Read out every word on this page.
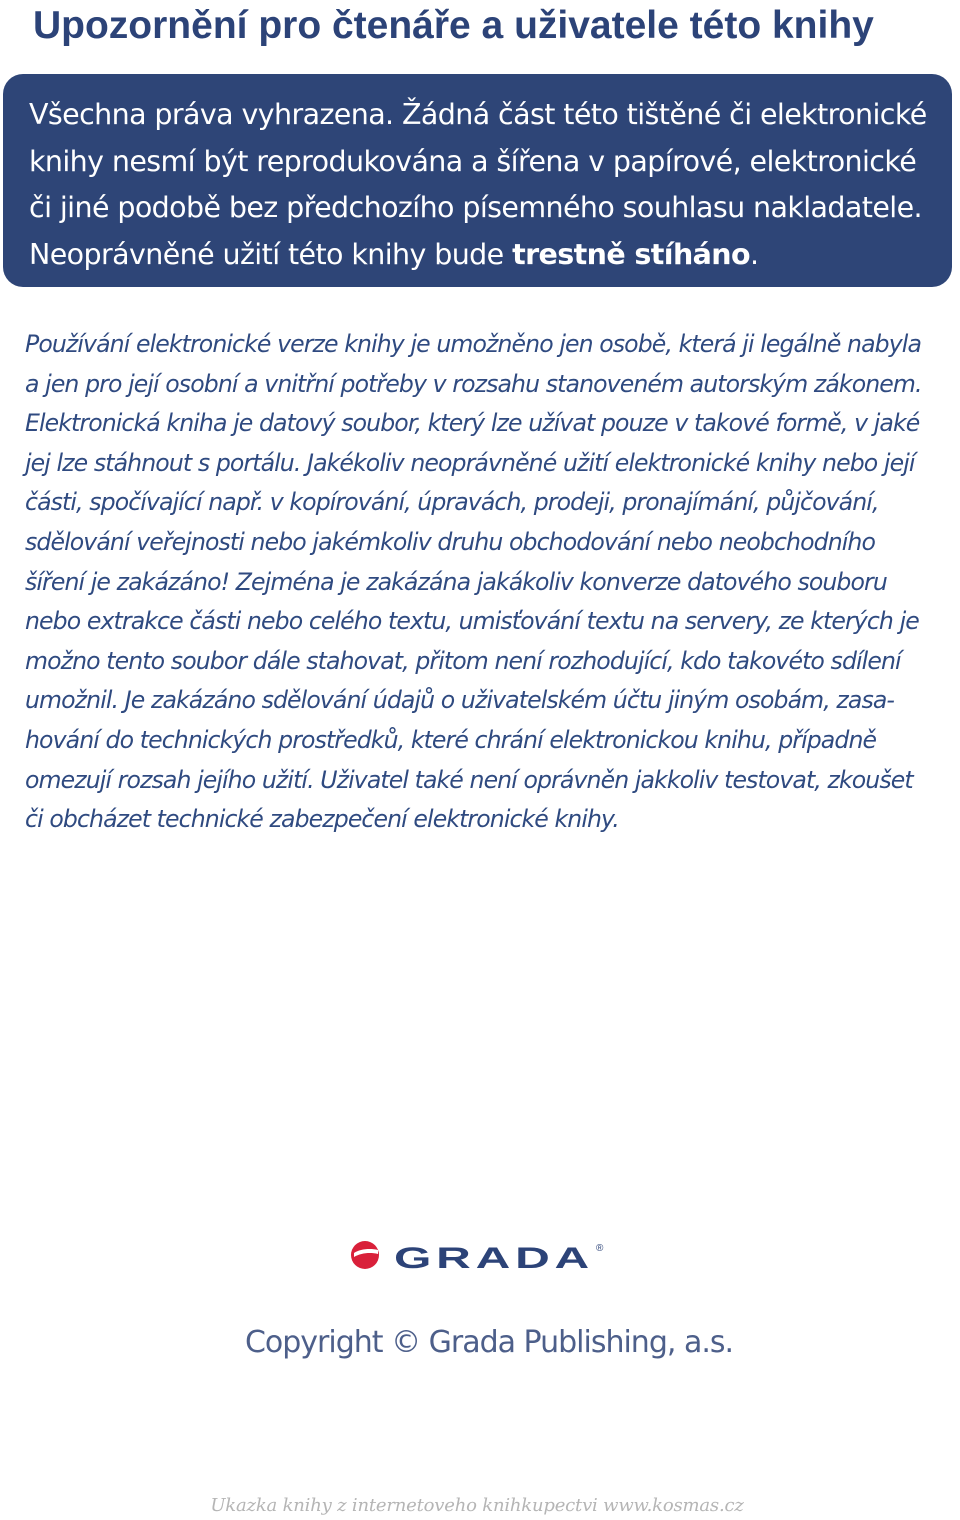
Upozornění pro čtenáře a uživatele této knihy
Všechna práva vyhrazena. Žádná část této tištěné či elektronické
knihy nesmí být reprodukována a šířena v papírové, elektronické
či jiné podobě bez předchozího písemného souhlasu nakladatele.
Neoprávněné užití této knihy bude trestně stíháno.
Používání elektronické verze knihy je umožněno jen osobě, která ji legálně nabyla
a jen pro její osobní a vnitřní potřeby v rozsahu stanoveném autorským zákonem.
Elektronická kniha je datový soubor, který lze užívat pouze v takové formě, v jaké
jej lze stáhnout s portálu. Jakékoliv neoprávněné užití elektronické knihy nebo její
části, spočívající např. v kopírování, úpravách, prodeji, pronajímání, půjčování,
sdělování veřejnosti nebo jakémkoliv druhu obchodování nebo neobchodního
šíření je zakázáno! Zejména je zakázána jakákoliv konverze datového souboru
nebo extrakce části nebo celého textu, umisťování textu na servery, ze kterých je
možno tento soubor dále stahovat, přitom není rozhodující, kdo takovéto sdílení
umožnil. Je zakázáno sdělování údajů o uživatelském účtu jiným osobám, zasa-
hování do technických prostředků, které chrání elektronickou knihu, případně
omezují rozsah jejího užití. Uživatel také není oprávněn jakkoliv testovat, zkoušet
či obcházet technické zabezpečení elektronické knihy.
GRADA ®
Copyright © Grada Publishing, a.s.
Ukazka knihy z internetoveho knihkupectvi www.kosmas.cz
